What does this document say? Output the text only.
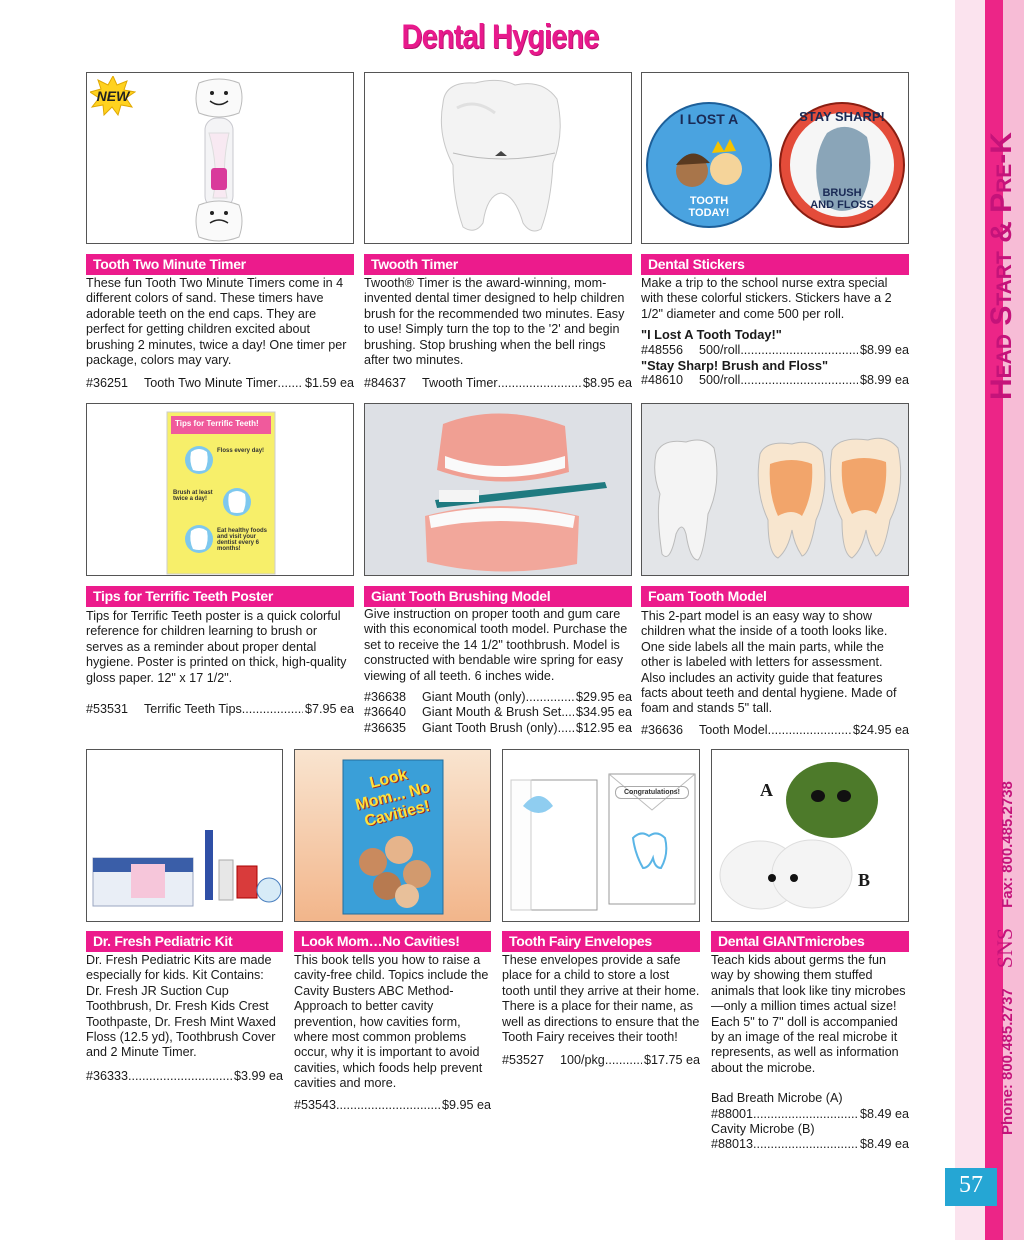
Head Start & Pre-K
Phone: 800.485.2737SNSFax: 800.485.2738
57
Dental Hygiene
NEW
Tooth Two Minute Timer

These fun Tooth Two Minute Timers come in 4 different colors of sand. These timers have adorable teeth on the end caps. They are perfect for getting children excited about brushing 2 minutes, twice a day! One timer per package, colors may vary.

#36251	Tooth Two Minute Timer ..... $1.59 ea
Twooth Timer

Twooth® Timer is the award-winning, mom-invented dental timer designed to help children brush for the recommended two minutes. Easy to use! Simply turn the top to the '2' and begin brushing. Stop brushing when the bell rings after two minutes.

#84637	Twooth Timer .....	$8.95 ea
I LOST A
TOOTH
TODAY!
STAY SHARP!
BRUSH
AND FLOSS
Dental Stickers

Make a trip to the school nurse extra special with these colorful stickers. Stickers have a 2 1/2" diameter and come 500 per roll.

"I Lost A Tooth Today!"
#48556	500/roll .....	$8.99 ea
"Stay Sharp! Brush and Floss"
#48610	500/roll .....	$8.99 ea
Tips for Terrific Teeth!
Floss every day!
Brush at least twice a day!
Eat healthy foods and visit your dentist every 6 months!
Tips for Terrific Teeth Poster

Tips for Terrific Teeth poster is a quick colorful reference for children learning to brush or serves as a reminder about proper dental hygiene. Poster is printed on thick, high-quality gloss paper. 12" x 17 1/2".

#53531	Terrific Teeth Tips .....	$7.95 ea
Giant Tooth Brushing Model

Give instruction on proper tooth and gum care with this economical tooth model. Purchase the set to receive the 14 1/2" toothbrush. Model is constructed with bendable wire spring for easy viewing of all teeth. 6 inches wide.

#36638	Giant Mouth (only) .....	$29.95 ea
#36640	Giant Mouth & Brush Set ..... $34.95 ea
#36635	Giant Tooth Brush (only) ..... $12.95 ea
Foam Tooth Model

This 2-part model is an easy way to show children what the inside of a tooth looks like. One side labels all the main parts, while the other is labeled with letters for assessment. Also includes an activity guide that features facts about teeth and dental hygiene. Made of foam and stands 5" tall.

#36636	Tooth Model .....	$24.95 ea
Dr. Fresh Pediatric Kit

Dr. Fresh Pediatric Kits are made especially for kids. Kit Contains: Dr. Fresh JR Suction Cup Toothbrush, Dr. Fresh Kids Crest Toothpaste, Dr. Fresh Mint Waxed Floss (12.5 yd), Toothbrush Cover and 2 Minute Timer.

#36333 .....	$3.99 ea
Look Mom... No Cavities!
Look Mom…No Cavities!

This book tells you how to raise a cavity-free child. Topics include the Cavity Busters ABC Method-Approach to better cavity prevention, how cavities form, where most common problems occur, why it is important to avoid cavities, which foods help prevent cavities and more.

#53543 .....	$9.95 ea
Congratulations!
Tooth Fairy Envelopes

These envelopes provide a safe place for a child to store a lost tooth until they arrive at their home. There is a place for their name, as well as directions to ensure that the Tooth Fairy receives their tooth!

#53527	100/pkg .....	$17.75 ea
A
B
Dental GIANTmicrobes

Teach kids about germs the fun way by showing them stuffed animals that look like tiny microbes—only a million times actual size! Each 5" to 7" doll is accompanied by an image of the real microbe it represents, as well as information about the microbe.

Bad Breath Microbe (A)
#88001 .....	$8.49 ea
Cavity Microbe (B)
#88013 .....	$8.49 ea
